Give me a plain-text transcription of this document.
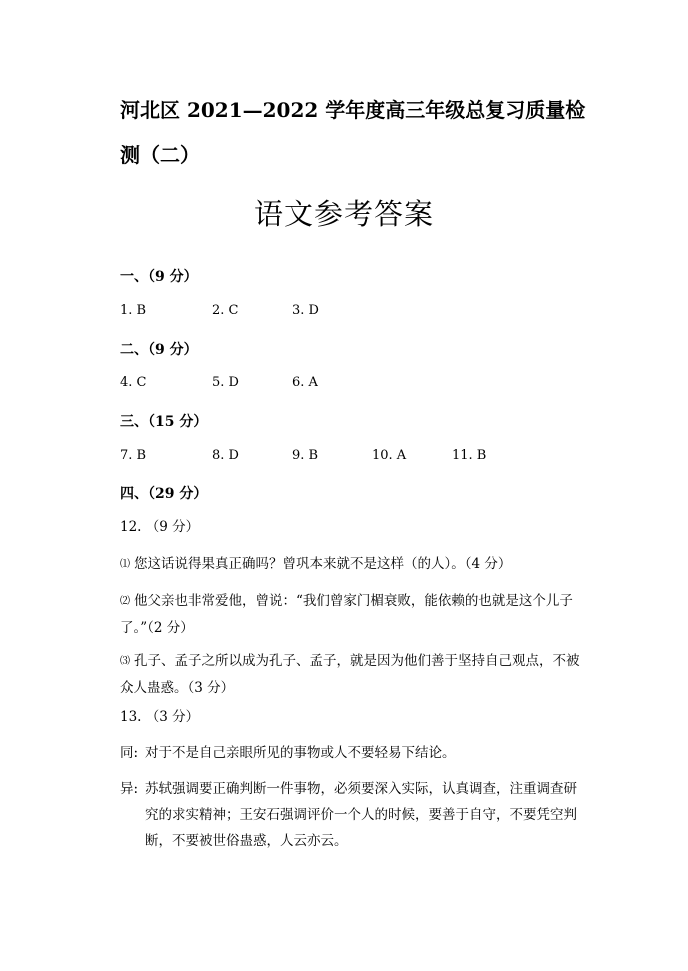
河北区 2021—2022 学年度高三年级总复习质量检测（二）
语文参考答案
一、（9 分）
1. B	2. C	3. D
二、（9 分）
4. C	5. D	6. A
三、（15 分）
7. B	8. D	9. B	10. A	11. B
四、（29 分）
12. （9 分）
⑴ 您这话说得果真正确吗？曾巩本来就不是这样（的人）。（4 分）
⑵ 他父亲也非常爱他，曾说：“我们曾家门楣衰败，能依赖的也就是这个儿子了。”（2 分）
⑶ 孔子、孟子之所以成为孔子、孟子，就是因为他们善于坚持自己观点，不被众人蛊惑。（3 分）
13. （3 分）
同: 对于不是自己亲眼所见的事物或人不要轻易下结论。
异: 苏轼强调要正确判断一件事物，必须要深入实际，认真调查，注重调查研究的求实精神；王安石强调评价一个人的时候，要善于自守，不要凭空判断，不要被世俗蛊惑，人云亦云。
